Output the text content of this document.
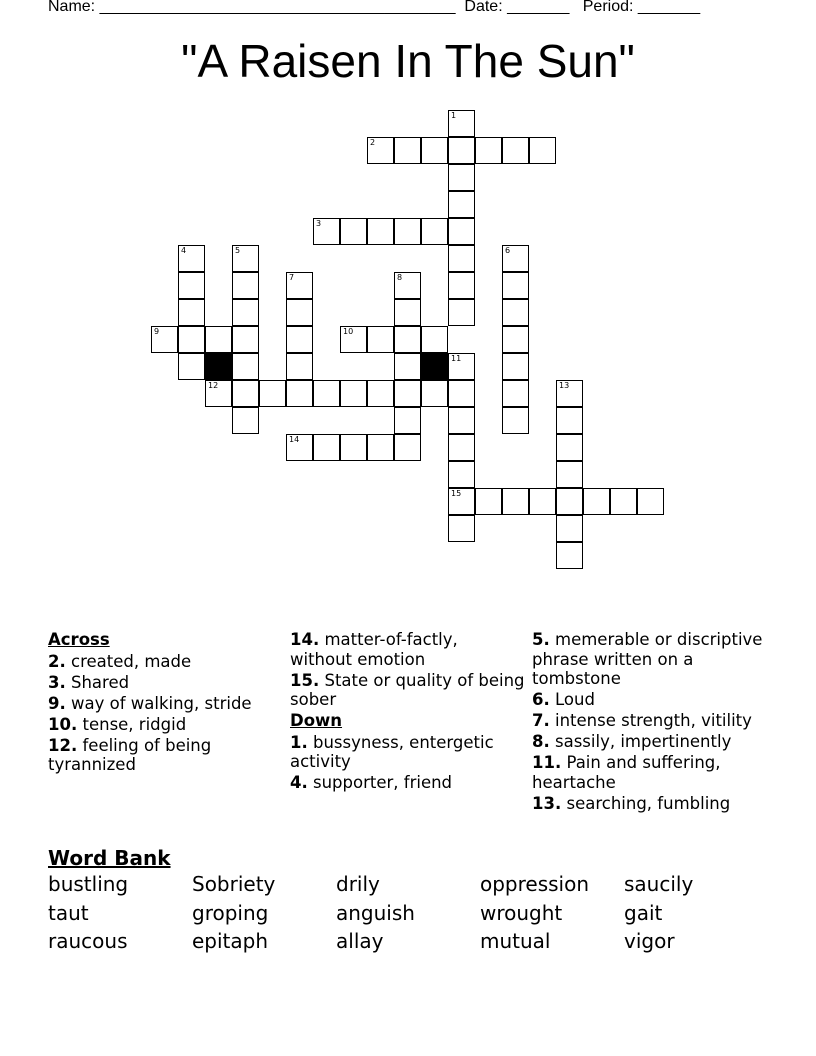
Name: ________________________________________ Date: _______ Period: _______
"A Raisen In The Sun"
2
3
9	10
12
14
15
1
4	5	6
7	8
11
13
Across
2. created, made
3. Shared
9. way of walking, stride
10. tense, ridgid
12. feeling of being tyrannized
14. matter-of-factly, without emotion
15. State or quality of being sober
Down
1. bussyness, entergetic activity
4. supporter, friend
5. memerable or discriptive phrase written on a tombstone
6. Loud
7. intense strength, vitility
8. sassily, impertinently
11. Pain and suffering, heartache
13. searching, fumbling
Word Bank
bustling	Sobriety	drily	oppression	saucily
taut	groping	anguish	wrought	gait
raucous	epitaph	allay	mutual	vigor
